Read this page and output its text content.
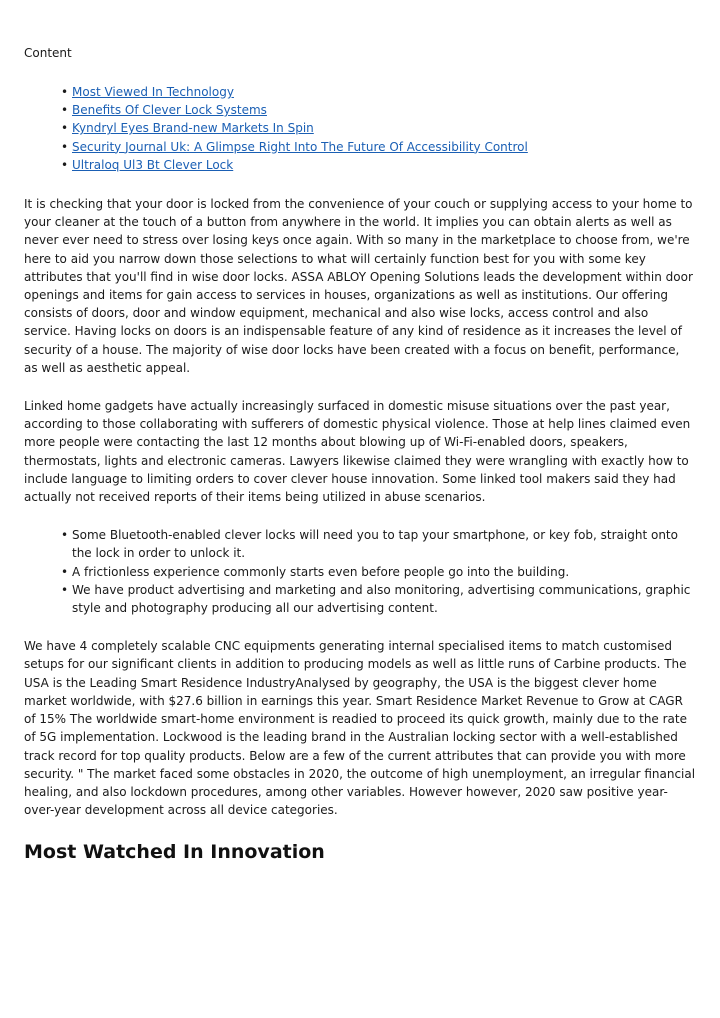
Content
• Most Viewed In Technology
• Benefits Of Clever Lock Systems
• Kyndryl Eyes Brand-new Markets In Spin
• Security Journal Uk: A Glimpse Right Into The Future Of Accessibility Control
• Ultraloq Ul3 Bt Clever Lock

It is checking that your door is locked from the convenience of your couch or supplying access to your home to your cleaner at the touch of a button from anywhere in the world. It implies you can obtain alerts as well as never ever need to stress over losing keys once again. With so many in the marketplace to choose from, we're here to aid you narrow down those selections to what will certainly function best for you with some key attributes that you'll find in wise door locks. ASSA ABLOY Opening Solutions leads the development within door openings and items for gain access to services in houses, organizations as well as institutions. Our offering consists of doors, door and window equipment, mechanical and also wise locks, access control and also service. Having locks on doors is an indispensable feature of any kind of residence as it increases the level of security of a house. The majority of wise door locks have been created with a focus on benefit, performance, as well as aesthetic appeal.

Linked home gadgets have actually increasingly surfaced in domestic misuse situations over the past year, according to those collaborating with sufferers of domestic physical violence. Those at help lines claimed even more people were contacting the last 12 months about blowing up of Wi-Fi-enabled doors, speakers, thermostats, lights and electronic cameras. Lawyers likewise claimed they were wrangling with exactly how to include language to limiting orders to cover clever house innovation. Some linked tool makers said they had actually not received reports of their items being utilized in abuse scenarios.

• Some Bluetooth-enabled clever locks will need you to tap your smartphone, or key fob, straight onto the lock in order to unlock it.
• A frictionless experience commonly starts even before people go into the building.
• We have product advertising and marketing and also monitoring, advertising communications, graphic style and photography producing all our advertising content.

We have 4 completely scalable CNC equipments generating internal specialised items to match customised setups for our significant clients in addition to producing models as well as little runs of Carbine products. The USA is the Leading Smart Residence IndustryAnalysed by geography, the USA is the biggest clever home market worldwide, with $27.6 billion in earnings this year. Smart Residence Market Revenue to Grow at CAGR of 15% The worldwide smart-home environment is readied to proceed its quick growth, mainly due to the rate of 5G implementation. Lockwood is the leading brand in the Australian locking sector with a well-established track record for top quality products. Below are a few of the current attributes that can provide you with more security. " The market faced some obstacles in 2020, the outcome of high unemployment, an irregular financial healing, and also lockdown procedures, among other variables. However however, 2020 saw positive year-over-year development across all device categories.

Most Watched In Innovation
